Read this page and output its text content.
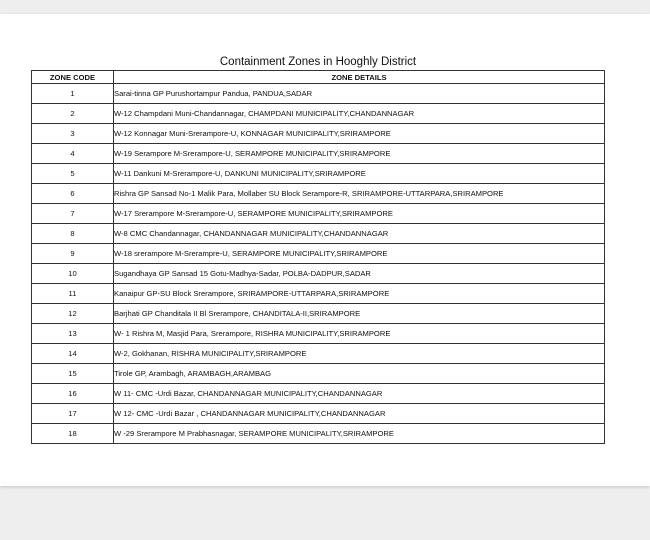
Containment Zones in Hooghly District
ZONE CODE	ZONE DETAILS
1	Sarai-tinna GP Purushortampur Pandua, PANDUA,SADAR
2	W-12 Champdani Muni-Chandannagar, CHAMPDANI MUNICIPALITY,CHANDANNAGAR
3	W-12 Konnagar Muni-Srerampore-U, KONNAGAR MUNICIPALITY,SRIRAMPORE
4	W-19 Serampore M-Srerampore-U, SERAMPORE MUNICIPALITY,SRIRAMPORE
5	W-11 Dankuni M-Srerampore-U, DANKUNI MUNICIPALITY,SRIRAMPORE
6	Rishra GP Sansad No-1 Malik Para, Mollaber SU Block Serampore-R, SRIRAMPORE-UTTARPARA,SRIRAMPORE
7	W-17 Srerampore M-Srerampore-U, SERAMPORE MUNICIPALITY,SRIRAMPORE
8	W-8 CMC Chandannagar, CHANDANNAGAR MUNICIPALITY,CHANDANNAGAR
9	W-18 srerampore M-Srerampre-U, SERAMPORE MUNICIPALITY,SRIRAMPORE
10	Sugandhaya GP Sansad 15 Gotu-Madhya-Sadar, POLBA-DADPUR,SADAR
11	Kanaipur GP-SU Block Srerampore, SRIRAMPORE-UTTARPARA,SRIRAMPORE
12	Barjhati GP Chanditala II Bl Srerampore, CHANDITALA-II,SRIRAMPORE
13	W- 1 Rishra M, Masjid Para, Srerampore, RISHRA MUNICIPALITY,SRIRAMPORE
14	W-2, Gokhanan, RISHRA MUNICIPALITY,SRIRAMPORE
15	Tirole GP, Arambagh, ARAMBAGH,ARAMBAG
16	W 11- CMC -Urdi Bazar, CHANDANNAGAR MUNICIPALITY,CHANDANNAGAR
17	W 12- CMC -Urdi Bazar , CHANDANNAGAR MUNICIPALITY,CHANDANNAGAR
18	W -29 Srerampore M Prabhasnagar, SERAMPORE MUNICIPALITY,SRIRAMPORE
